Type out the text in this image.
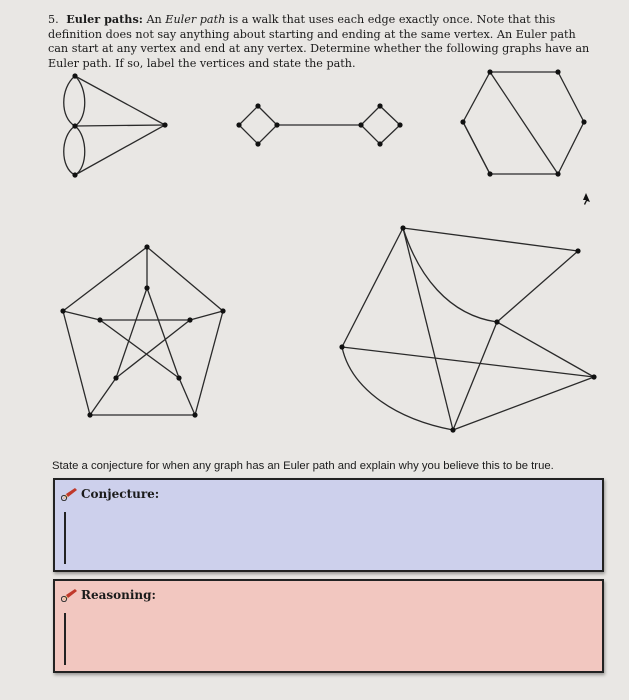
5. Euler paths: An Euler path is a walk that uses each edge exactly once. Note that this definition does not say anything about starting and ending at the same vertex. An Euler path can start at any vertex and end at any vertex. Determine whether the following graphs have an Euler path. If so, label the vertices and state the path.
State a conjecture for when any graph has an Euler path and explain why you believe this to be true.
Conjecture:
Reasoning:
